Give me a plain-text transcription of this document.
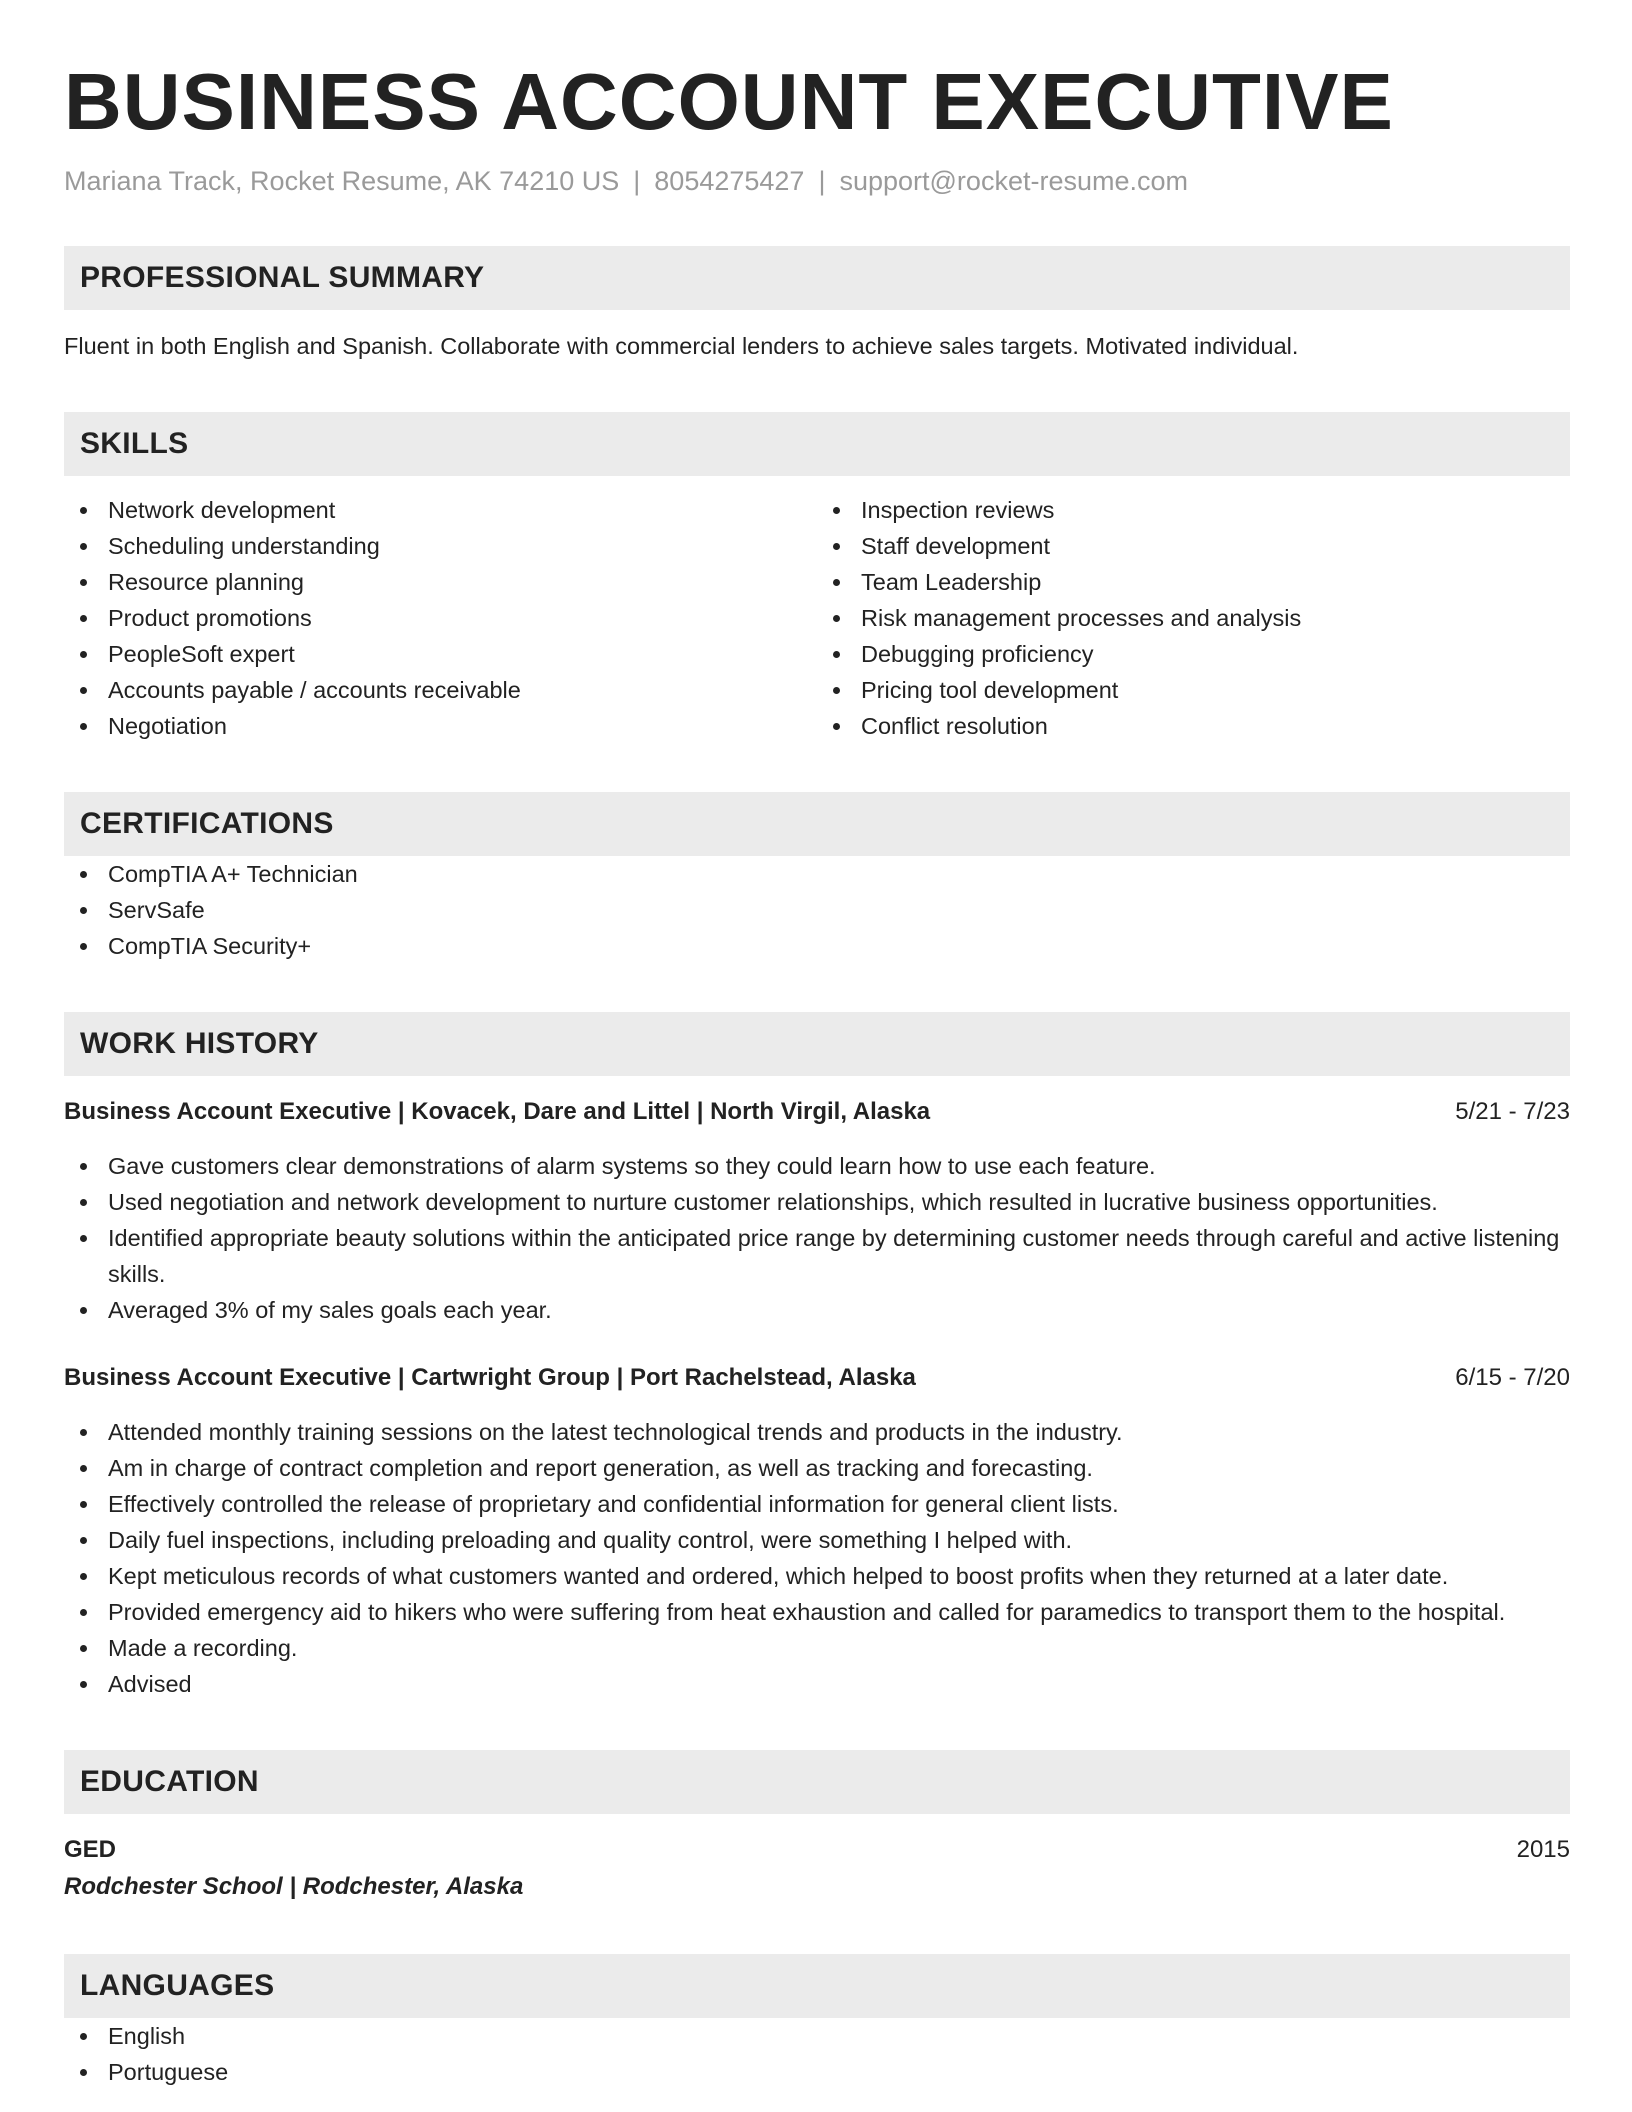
BUSINESS ACCOUNT EXECUTIVE
Mariana Track, Rocket Resume, AK 74210 US | 8054275427 | support@rocket-resume.com
PROFESSIONAL SUMMARY
Fluent in both English and Spanish. Collaborate with commercial lenders to achieve sales targets. Motivated individual.
SKILLS
Network development
Scheduling understanding
Resource planning
Product promotions
PeopleSoft expert
Accounts payable / accounts receivable
Negotiation
Inspection reviews
Staff development
Team Leadership
Risk management processes and analysis
Debugging proficiency
Pricing tool development
Conflict resolution
CERTIFICATIONS
CompTIA A+ Technician
ServSafe
CompTIA Security+
WORK HISTORY
Business Account Executive | Kovacek, Dare and Littel | North Virgil, Alaska	5/21 - 7/23
Gave customers clear demonstrations of alarm systems so they could learn how to use each feature.
Used negotiation and network development to nurture customer relationships, which resulted in lucrative business opportunities.
Identified appropriate beauty solutions within the anticipated price range by determining customer needs through careful and active listening skills.
Averaged 3% of my sales goals each year.
Business Account Executive | Cartwright Group | Port Rachelstead, Alaska	6/15 - 7/20
Attended monthly training sessions on the latest technological trends and products in the industry.
Am in charge of contract completion and report generation, as well as tracking and forecasting.
Effectively controlled the release of proprietary and confidential information for general client lists.
Daily fuel inspections, including preloading and quality control, were something I helped with.
Kept meticulous records of what customers wanted and ordered, which helped to boost profits when they returned at a later date.
Provided emergency aid to hikers who were suffering from heat exhaustion and called for paramedics to transport them to the hospital.
Made a recording.
Advised
EDUCATION
GED	2015
Rodchester School | Rodchester, Alaska
LANGUAGES
English
Portuguese
